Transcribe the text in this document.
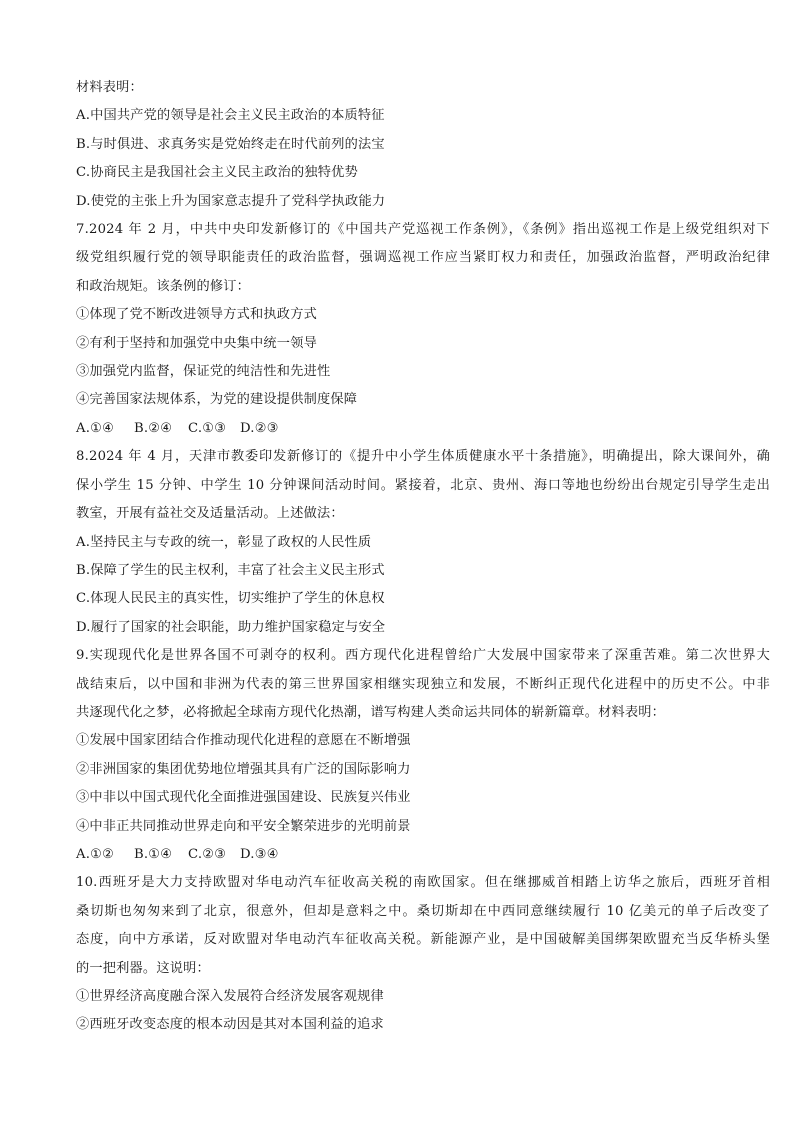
材料表明：
A.中国共产党的领导是社会主义民主政治的本质特征
B.与时俱进、求真务实是党始终走在时代前列的法宝
C.协商民主是我国社会主义民主政治的独特优势
D.使党的主张上升为国家意志提升了党科学执政能力
7.2024 年 2 月，中共中央印发新修订的《中国共产党巡视工作条例》，《条例》指出巡视工作是上级党组织对下
级党组织履行党的领导职能责任的政治监督，强调巡视工作应当紧盯权力和责任，加强政治监督，严明政治纪律
和政治规矩。该条例的修订：
①体现了党不断改进领导方式和执政方式
②有利于坚持和加强党中央集中统一领导
③加强党内监督，保证党的纯洁性和先进性
④完善国家法规体系，为党的建设提供制度保障
A.①④	B.②④	C.①③	D.②③
8.2024 年 4 月，天津市教委印发新修订的《提升中小学生体质健康水平十条措施》，明确提出，除大课间外，确
保小学生 15 分钟、中学生 10 分钟课间活动时间。紧接着，北京、贵州、海口等地也纷纷出台规定引导学生走出
教室，开展有益社交及适量活动。上述做法：
A.坚持民主与专政的统一，彰显了政权的人民性质
B.保障了学生的民主权利，丰富了社会主义民主形式
C.体现人民民主的真实性，切实维护了学生的休息权
D.履行了国家的社会职能，助力维护国家稳定与安全
9.实现现代化是世界各国不可剥夺的权利。西方现代化进程曾给广大发展中国家带来了深重苦难。第二次世界大
战结束后，以中国和非洲为代表的第三世界国家相继实现独立和发展，不断纠正现代化进程中的历史不公。中非
共逐现代化之梦，必将掀起全球南方现代化热潮，谱写构建人类命运共同体的崭新篇章。材料表明：
①发展中国家团结合作推动现代化进程的意愿在不断增强
②非洲国家的集团优势地位增强其具有广泛的国际影响力
③中非以中国式现代化全面推进强国建设、民族复兴伟业
④中非正共同推动世界走向和平安全繁荣进步的光明前景
A.①②	B.①④	C.②③	D.③④
10.西班牙是大力支持欧盟对华电动汽车征收高关税的南欧国家。但在继挪威首相踏上访华之旅后，西班牙首相
桑切斯也匆匆来到了北京，很意外，但却是意料之中。桑切斯却在中西同意继续履行 10 亿美元的单子后改变了
态度，向中方承诺，反对欧盟对华电动汽车征收高关税。新能源产业，是中国破解美国绑架欧盟充当反华桥头堡
的一把利器。这说明：
①世界经济高度融合深入发展符合经济发展客观规律
②西班牙改变态度的根本动因是其对本国利益的追求
